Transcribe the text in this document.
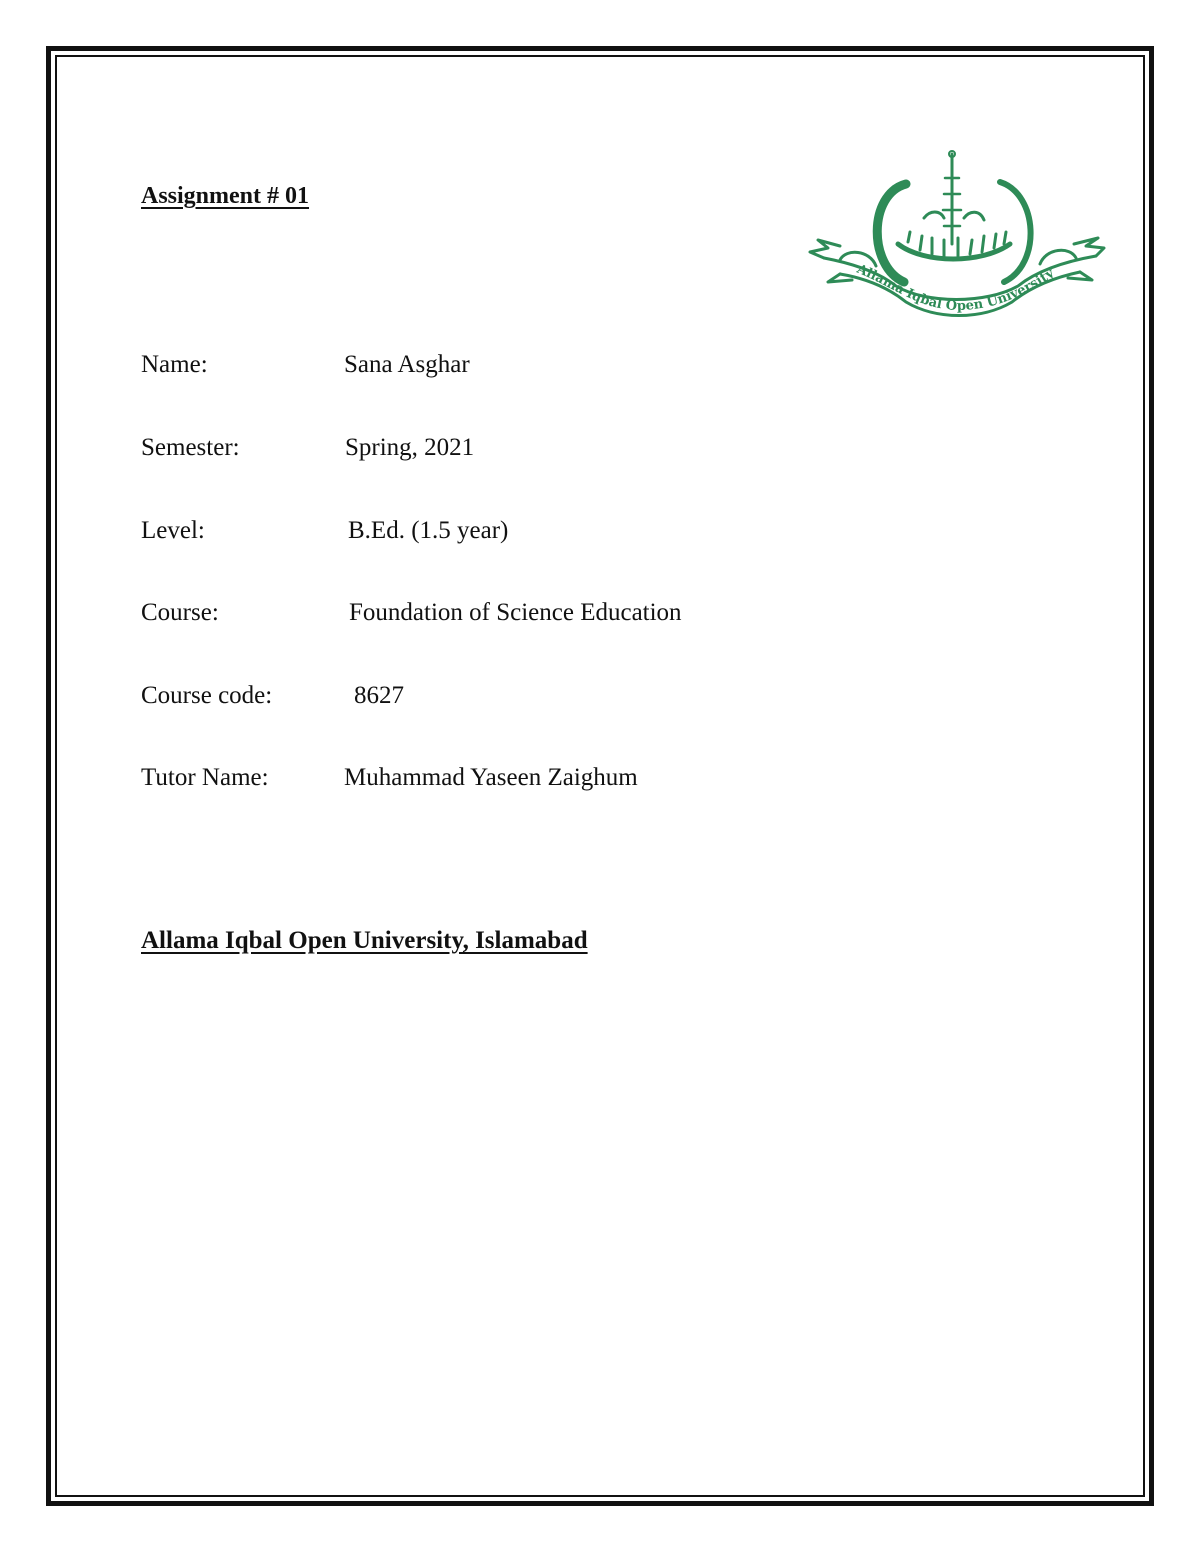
Assignment # 01
Allama Iqbal Open University
Name:	Sana Asghar
Semester:	Spring, 2021
Level:	B.Ed. (1.5 year)
Course:	Foundation of Science Education
Course code:	8627
Tutor Name:	Muhammad Yaseen Zaighum
Allama Iqbal Open University, Islamabad
